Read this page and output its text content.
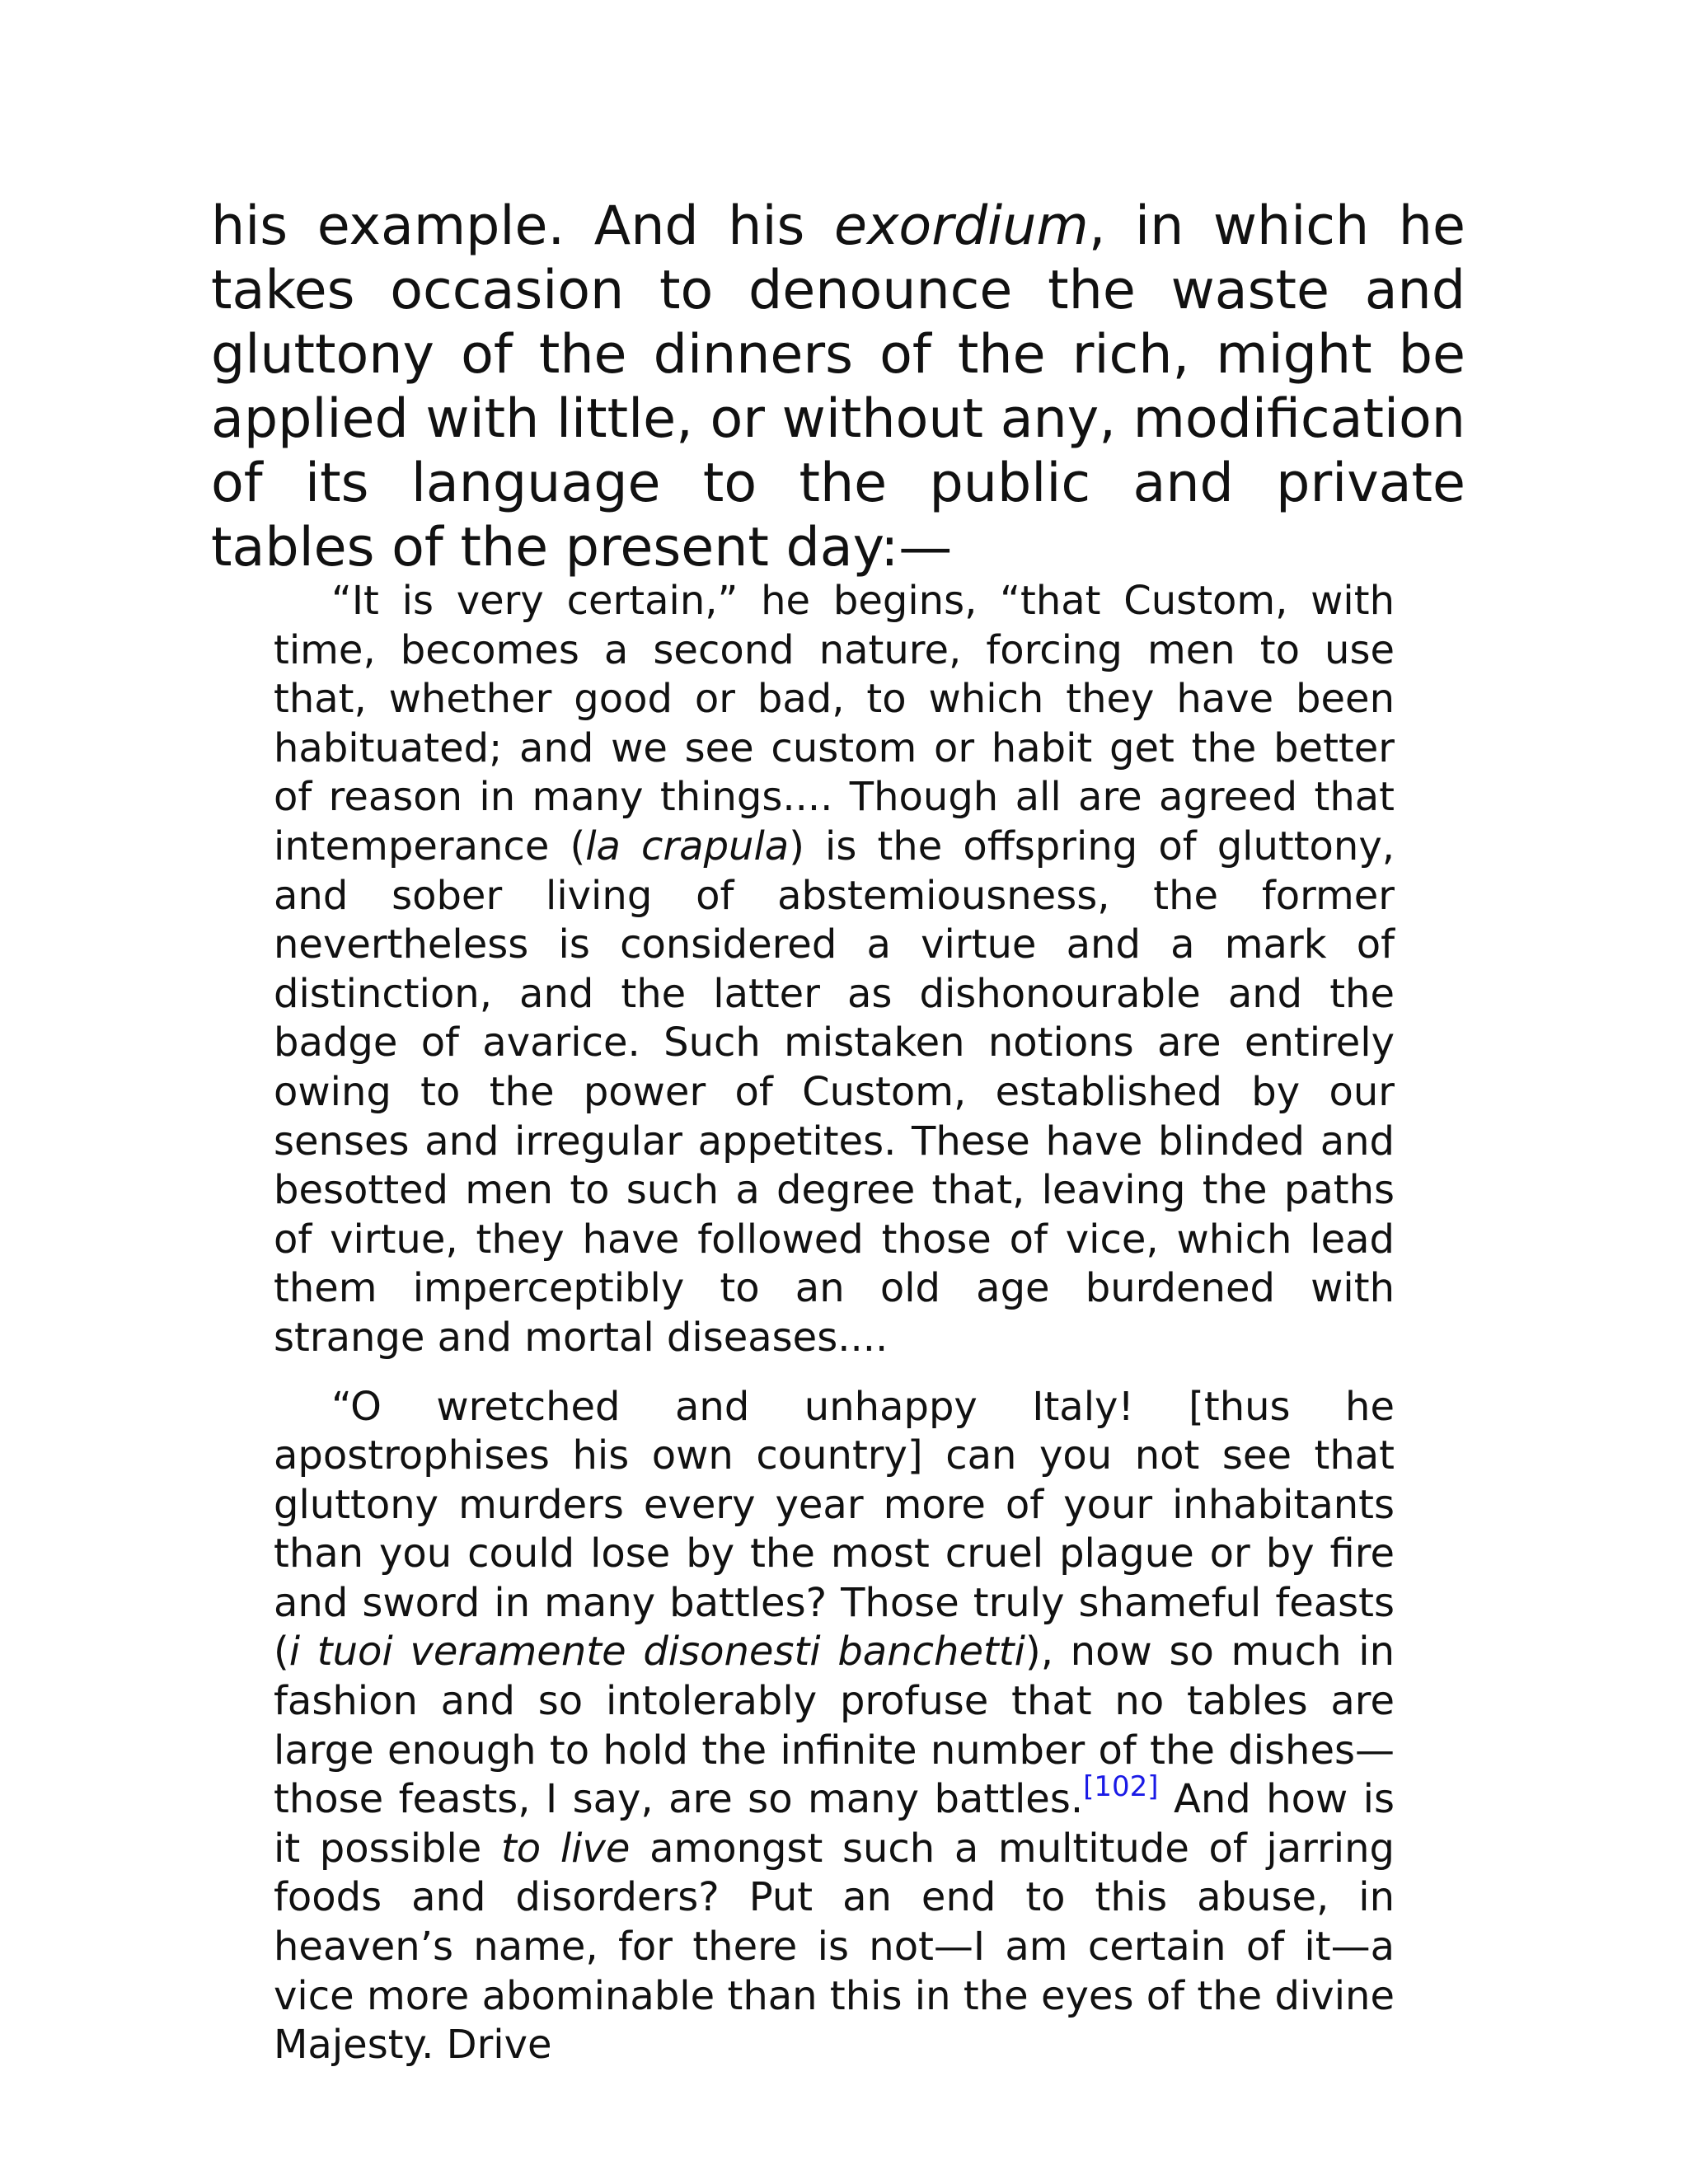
his example. And his exordium, in which he takes occasion to denounce the waste and gluttony of the dinners of the rich, might be applied with little, or without any, modification of its language to the public and private tables of the present day:—

“It is very certain,” he begins, “that Custom, with time, becomes a second nature, forcing men to use that, whether good or bad, to which they have been habituated; and we see custom or habit get the better of reason in many things.... Though all are agreed that intemperance (la crapula) is the offspring of gluttony, and sober living of abstemiousness, the former nevertheless is considered a virtue and a mark of distinction, and the latter as dishonourable and the badge of avarice. Such mistaken notions are entirely owing to the power of Custom, established by our senses and irregular appetites. These have blinded and besotted men to such a degree that, leaving the paths of virtue, they have followed those of vice, which lead them imperceptibly to an old age burdened with strange and mortal diseases....

“O wretched and unhappy Italy! [thus he apostrophises his own country] can you not see that gluttony murders every year more of your inhabitants than you could lose by the most cruel plague or by fire and sword in many battles? Those truly shameful feasts (i tuoi veramente disonesti banchetti), now so much in fashion and so intolerably profuse that no tables are large enough to hold the infinite number of the dishes—those feasts, I say, are so many battles.[102] And how is it possible to live amongst such a multitude of jarring foods and disorders? Put an end to this abuse, in heaven’s name, for there is not—I am certain of it—a vice more abominable than this in the eyes of the divine Majesty. Drive
